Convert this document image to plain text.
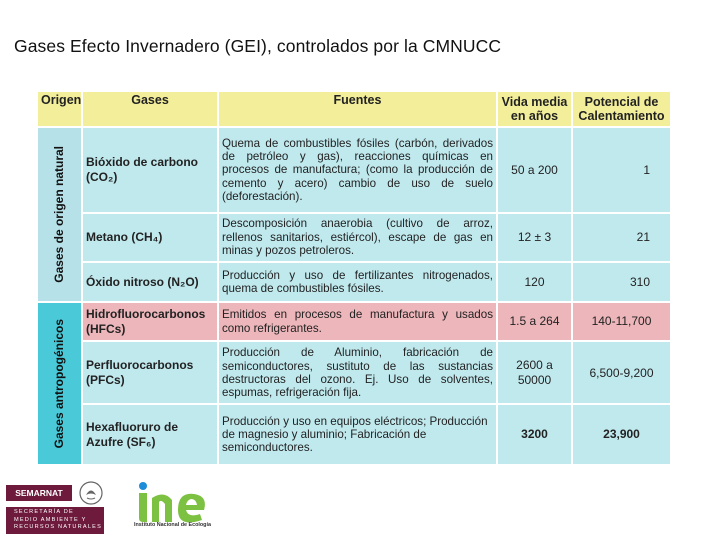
Gases Efecto Invernadero (GEI), controlados por la CMNUCC
Origen	Gases	Fuentes	Vida media en años	Potencial de Calentamiento

Gases de origen natural	Bióxido de carbono (CO₂)	Quema de combustibles fósiles (carbón, derivados de petróleo y gas), reacciones químicas en procesos de manufactura; (como la producción de cemento y acero) cambio de uso de suelo (deforestación).	50 a 200	1
	Metano (CH₄)	Descomposición anaerobia (cultivo de arroz, rellenos sanitarios, estiércol), escape de gas en minas y pozos petroleros.	12 ± 3	21
	Óxido nitroso (N₂O)	Producción y uso de fertilizantes nitrogenados, quema de combustibles fósiles.	120	310

Gases antropogénicos	Hidrofluorocarbonos (HFCs)	Emitidos en procesos de manufactura y usados como refrigerantes.	1.5 a 264	140-11,700
	Perfluorocarbonos (PFCs)	Producción de Aluminio, fabricación de semiconductores, sustituto de las sustancias destructoras del ozono. Ej. Uso de solventes, espumas, refrigeración fija.	2600 a 50000	6,500-9,200
	Hexafluoruro de Azufre (SF₆)	Producción y uso en equipos eléctricos; Producción de magnesio y aluminio; Fabricación de semiconductores.	3200	23,900
SEMARNAT
SECRETARÍA DE
MEDIO AMBIENTE Y
RECURSOS NATURALES	Instituto Nacional de Ecología
